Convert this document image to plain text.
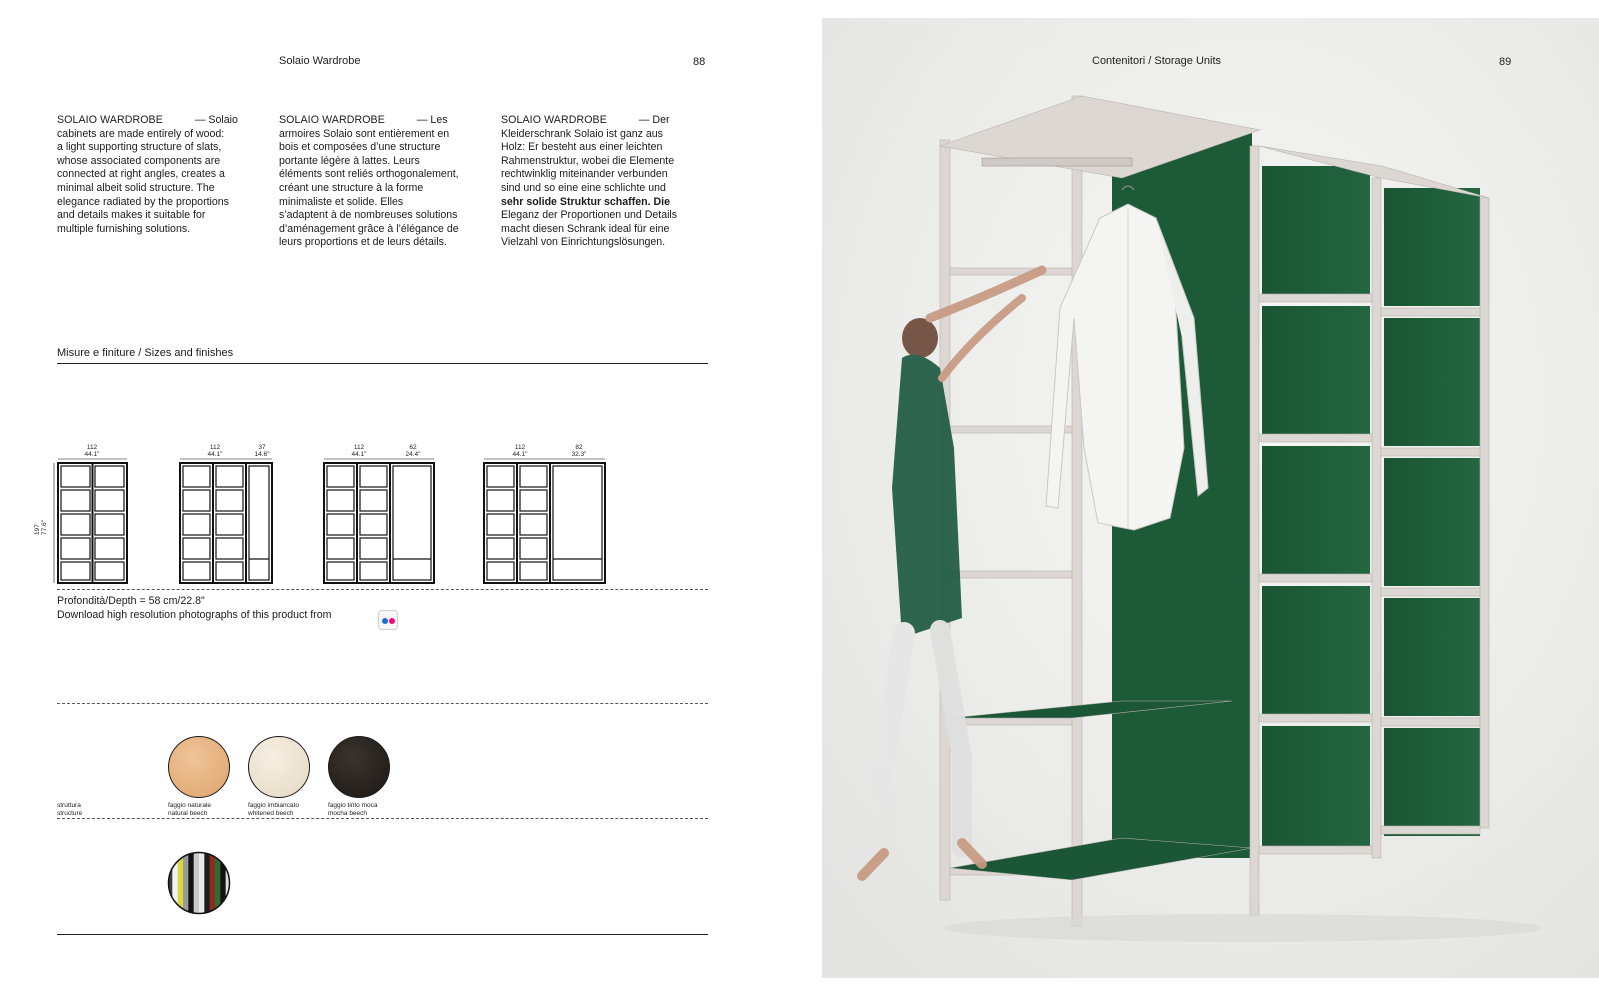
Solaio Wardrobe	88
SOLAIO WARDROBE	— Solaio
cabinets are made entirely of wood:
a light supporting structure of slats,
whose associated components are
connected at right angles, creates a
minimal albeit solid structure. The
elegance radiated by the proportions
and details makes it suitable for
multiple furnishing solutions.
SOLAIO WARDROBE	— Les
armoires Solaio sont entièrement en
bois et composées d’une structure
portante légère à lattes. Leurs
éléments sont reliés orthogonalement,
créant une structure à la forme
minimaliste et solide. Elles
s’adaptent à de nombreuses solutions
d’aménagement grâce à l’élégance de
leurs proportions et de leurs détails.
SOLAIO WARDROBE	— Der
Kleiderschrank Solaio ist ganz aus
Holz: Er besteht aus einer leichten
Rahmenstruktur, wobei die Elemente
rechtwinklig miteinander verbunden
sind und so eine eine schlichte und
sehr solide Struktur schaffen. Die
Eleganz der Proportionen und Details
macht diesen Schrank ideal für eine
Vielzahl von Einrichtungslösungen.
Misure e finiture / Sizes and finishes
197 77.6"
112
44.1"
112
44.1"
37
14.6"
112
44.1"
62
24.4"
112
44.1"
82
32.3"
Profondità/Depth = 58 cm/22.8"
Download high resolution photographs of this product from
struttura
structure
faggio naturale
natural beech
faggio imbiancato
whitened beech
faggio tinto moca
mocha beech
Contenitori / Storage Units	89
